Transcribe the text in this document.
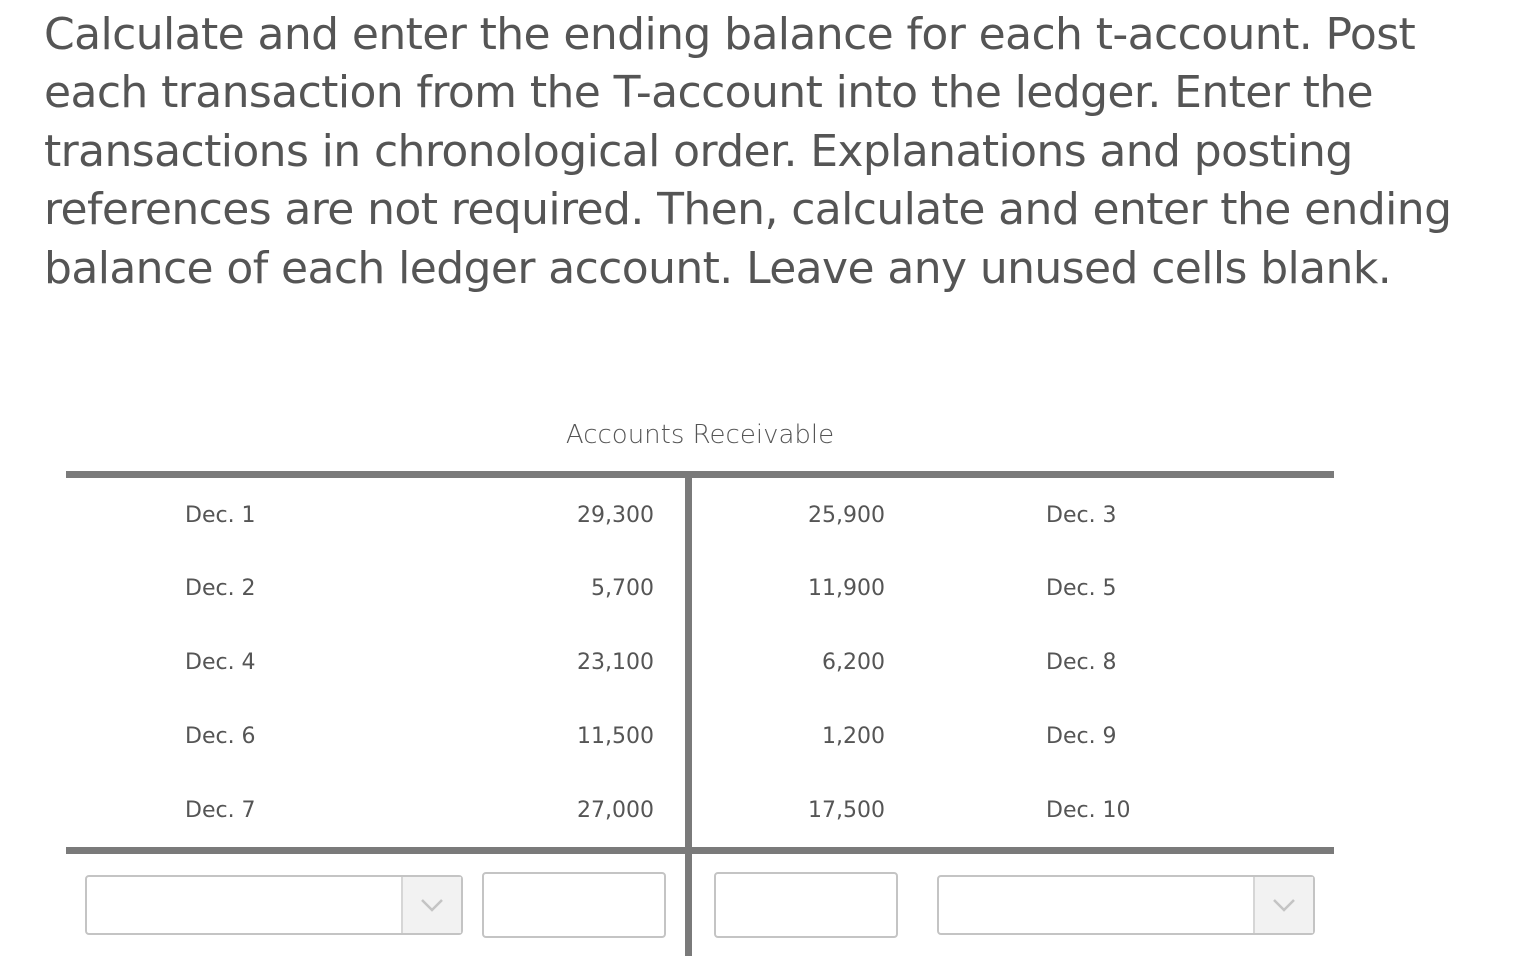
Calculate and enter the ending balance for each t-account. Post each transaction from the T-account into the ledger. Enter the transactions in chronological order. Explanations and posting references are not required. Then, calculate and enter the ending balance of each ledger account. Leave any unused cells blank.

Accounts Receivable
Dec. 1	29,300	25,900	Dec. 3
Dec. 2	5,700	11,900	Dec. 5
Dec. 4	23,100	6,200	Dec. 8
Dec. 6	11,500	1,200	Dec. 9
Dec. 7	27,000	17,500	Dec. 10
